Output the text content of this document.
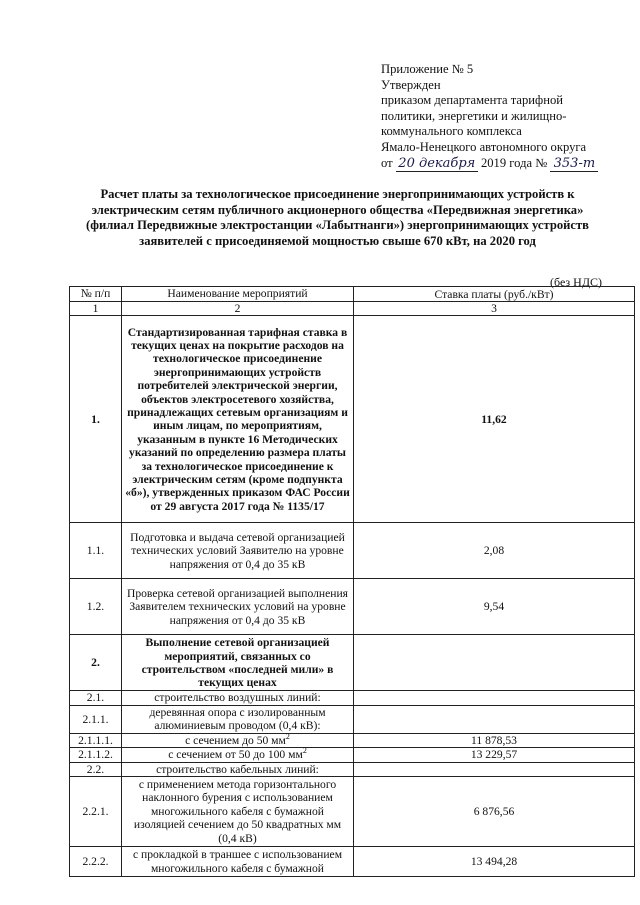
Приложение № 5
Утвержден
приказом департамента тарифной
политики, энергетики и жилищно-
коммунального комплекса
Ямало-Ненецкого автономного округа
от 20 декабря 2019 года № 353-т
Расчет платы за технологическое присоединение энергопринимающих устройств к электрическим сетям публичного акционерного общества «Передвижная энергетика» (филиал Передвижные электростанции «Лабытнанги») энергопринимающих устройств заявителей с присоединяемой мощностью свыше 670 кВт, на 2020 год
(без НДС)
№ п/п	Наименование мероприятий	Ставка платы (руб./кВт)
1	2	3
1.	Стандартизированная тарифная ставка в текущих ценах на покрытие расходов на технологическое присоединение энергопринимающих устройств потребителей электрической энергии, объектов электросетевого хозяйства, принадлежащих сетевым организациям и иным лицам, по мероприятиям, указанным в пункте 16 Методических указаний по определению размера платы за технологическое присоединение к электрическим сетям (кроме подпункта «б»), утвержденных приказом ФАС России от 29 августа 2017 года № 1135/17	11,62
1.1.	Подготовка и выдача сетевой организацией технических условий Заявителю на уровне напряжения от 0,4 до 35 кВ	2,08
1.2.	Проверка сетевой организацией выполнения Заявителем технических условий на уровне напряжения от 0,4 до 35 кВ	9,54
2.	Выполнение сетевой организацией мероприятий, связанных со строительством «последней мили» в текущих ценах	
2.1.	строительство воздушных линий:	
2.1.1.	деревянная опора с изолированным алюминиевым проводом (0,4 кВ):	
2.1.1.1.	с сечением до 50 $мм^2$	11 878,53
2.1.1.2.	с сечением от 50 до 100 $мм^2$	13 229,57
2.2.	строительство кабельных линий:	
2.2.1.	с применением метода горизонтального наклонного бурения с использованием многожильного кабеля с бумажной изоляцией сечением до 50 квадратных мм (0,4 кВ)	6 876,56
2.2.2.	с прокладкой в траншее с использованием многожильного кабеля с бумажной	13 494,28
